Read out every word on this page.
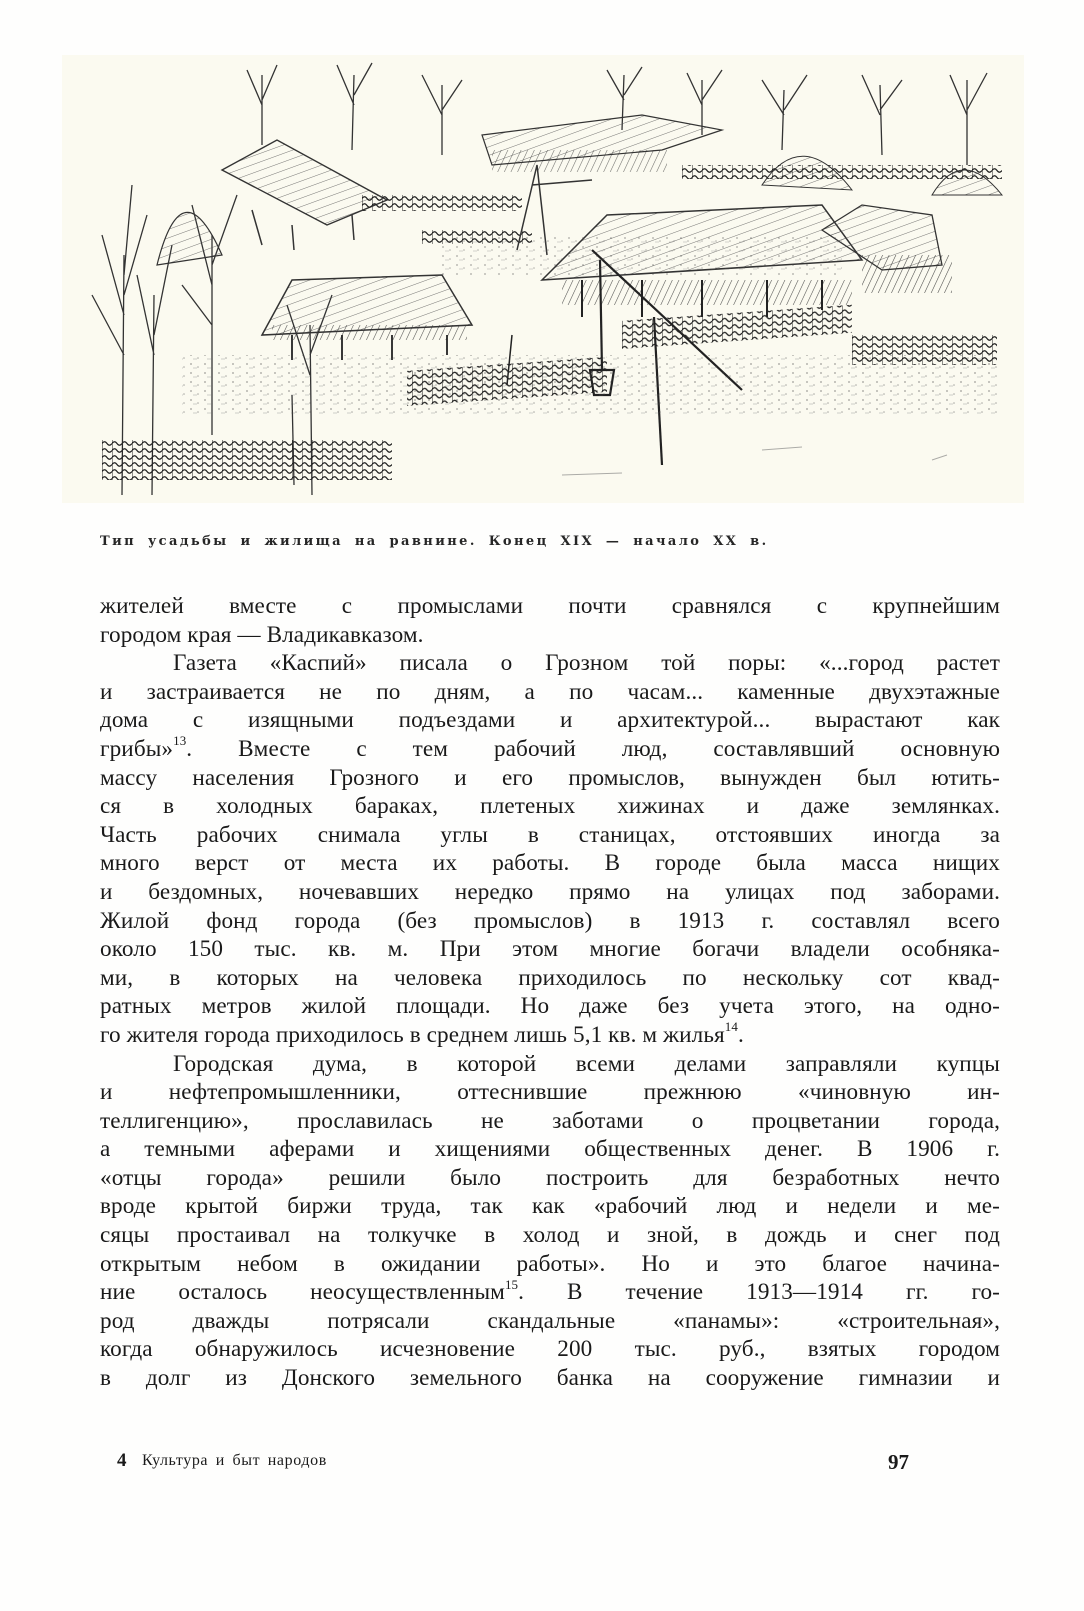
Тип усадьбы и жилища на равнине. Конец XIX — начало XX в.
жителей вместе с промыслами почти сравнялся с крупнейшим
городом края — Владикавказом.
Газета «Каспий» писала о Грозном той поры: «...город растет
и застраивается не по дням, а по часам... каменные двухэтажные
дома с изящными подъездами и архитектурой... вырастают как
грибы»$^{13}$. Вместе с тем рабочий люд, составлявший основную
массу населения Грозного и его промыслов, вынужден был ютить-
ся в холодных бараках, плетеных хижинах и даже землянках.
Часть рабочих снимала углы в станицах, отстоявших иногда за
много верст от места их работы. В городе была масса нищих
и бездомных, ночевавших нередко прямо на улицах под заборами.
Жилой фонд города (без промыслов) в 1913 г. составлял всего
около 150 тыс. кв. м. При этом многие богачи владели особняка-
ми, в которых на человека приходилось по нескольку сот квад-
ратных метров жилой площади. Но даже без учета этого, на одно-
го жителя города приходилось в среднем лишь 5,1 кв. м жилья$^{14}$.
Городская дума, в которой всеми делами заправляли купцы
и нефтепромышленники, оттеснившие прежнюю «чиновную ин-
теллигенцию», прославилась не заботами о процветании города,
а темными аферами и хищениями общественных денег. В 1906 г.
«отцы города» решили было построить для безработных нечто
вроде крытой биржи труда, так как «рабочий люд и недели и ме-
сяцы простаивал на толкучке в холод и зной, в дождь и снег под
открытым небом в ожидании работы». Но и это благое начина-
ние осталось неосуществленным$^{15}$. В течение 1913—1914 гг. го-
род дважды потрясали скандальные «панамы»: «строительная»,
когда обнаружилось исчезновение 200 тыс. руб., взятых городом
в долг из Донского земельного банка на сооружение гимназии и
4 Культура и быт народов	97
